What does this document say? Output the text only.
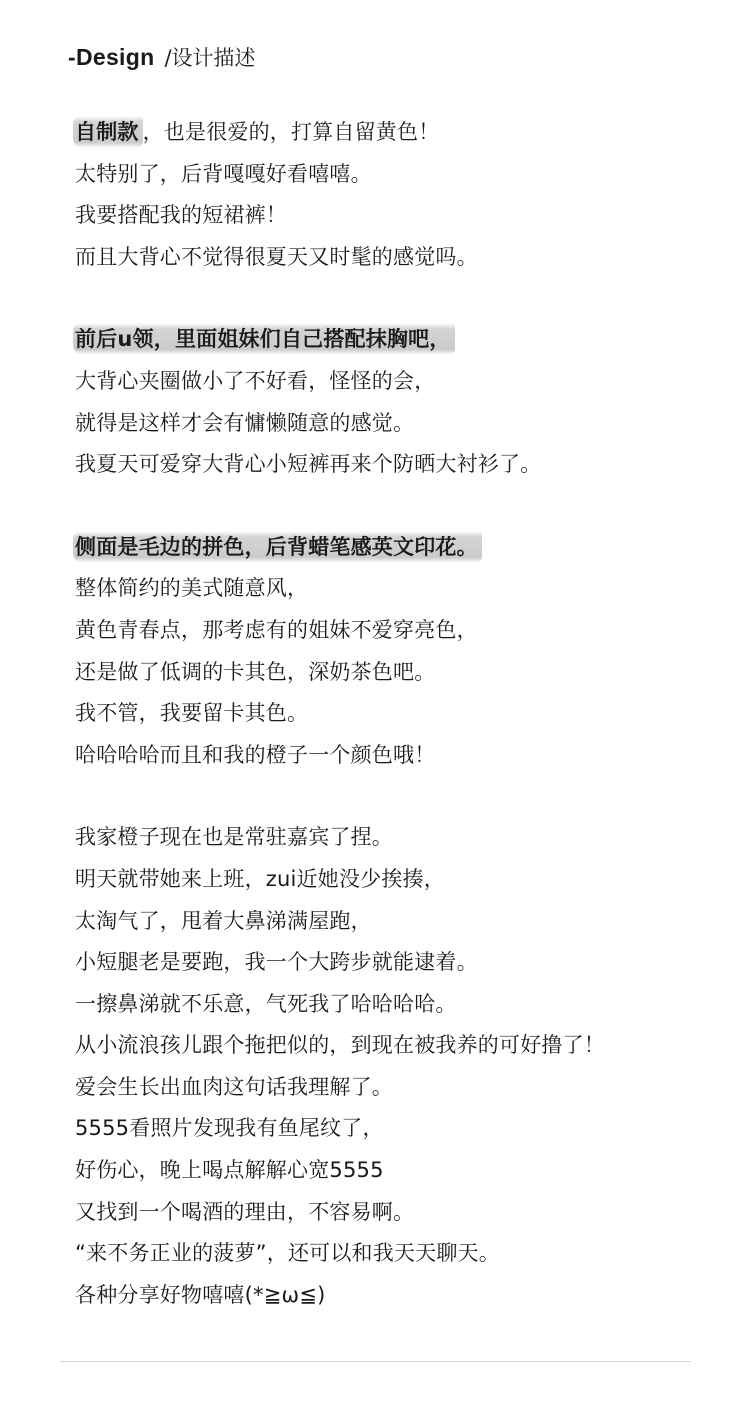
-Design /设计描述
自制款 ，也是很爱的，打算自留黄色！
太特别了，后背嘎嘎好看嘻嘻。
我要搭配我的短裙裤！
而且大背心不觉得很夏天又时髦的感觉吗。
前后u领，里面姐妹们自己搭配抹胸吧，
大背心夹圈做小了不好看，怪怪的会，
就得是这样才会有慵懒随意的感觉。
我夏天可爱穿大背心小短裤再来个防晒大衬衫了。
侧面是毛边的拼色，后背蜡笔感英文印花。
整体简约的美式随意风，
黄色青春点，那考虑有的姐妹不爱穿亮色，
还是做了低调的卡其色，深奶茶色吧。
我不管，我要留卡其色。
哈哈哈哈而且和我的橙子一个颜色哦！
我家橙子现在也是常驻嘉宾了捏。
明天就带她来上班，zui近她没少挨揍，
太淘气了，甩着大鼻涕满屋跑，
小短腿老是要跑，我一个大跨步就能逮着。
一擦鼻涕就不乐意，气死我了哈哈哈哈。
从小流浪孩儿跟个拖把似的，到现在被我养的可好撸了！
爱会生长出血肉这句话我理解了。
5555看照片发现我有鱼尾纹了，
好伤心，晚上喝点解解心宽5555
又找到一个喝酒的理由，不容易啊。
“来不务正业的菠萝”，还可以和我天天聊天。
各种分享好物嘻嘻(*≧ω≦)
